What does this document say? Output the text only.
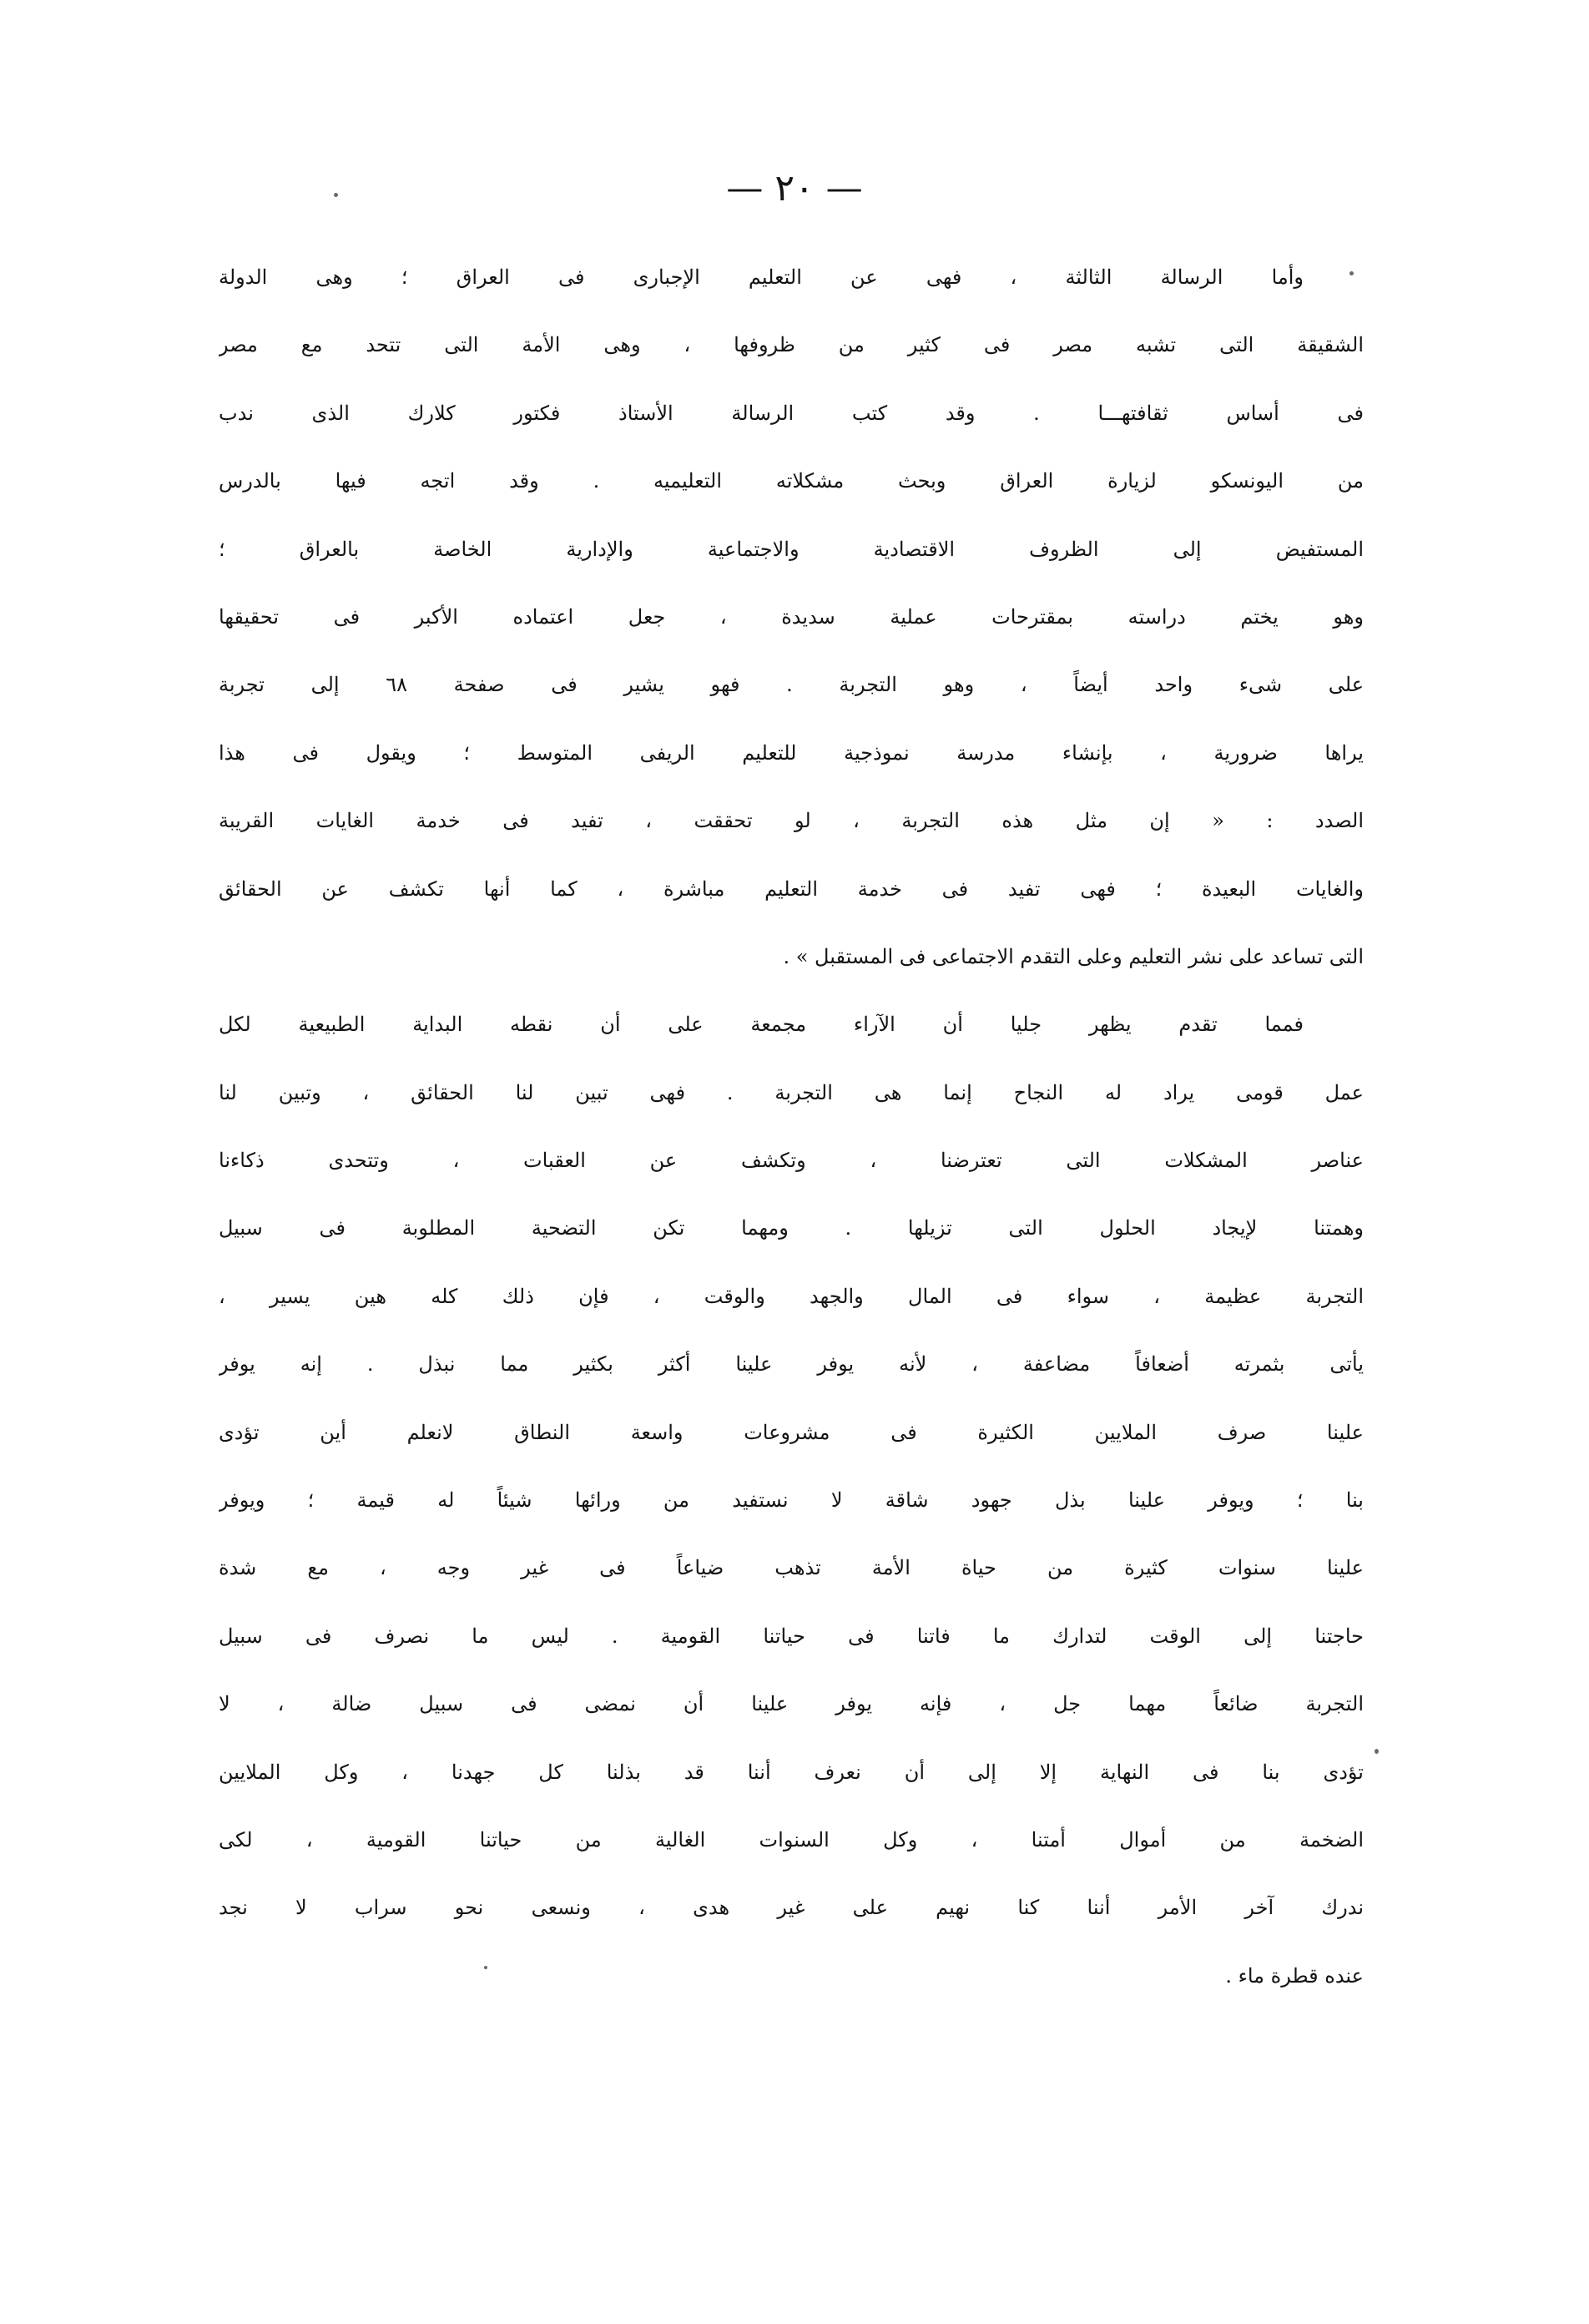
— ٢٠ —
وأما الرسالة الثالثة ، فهى عن التعليم الإجبارى فى العراق ؛ وهى الدولة
الشقيقة التى تشبه مصر فى كثير من ظروفها ، وهى الأمة التى تتحد مع مصر
فى أساس ثقافتهـــا . وقد كتب الرسالة الأستاذ فكتور كلارك الذى ندب
من اليونسكو لزيارة العراق وبحث مشكلاته التعليميه . وقد اتجه فيها بالدرس
المستفيض إلى الظروف الاقتصادية والاجتماعية والإدارية الخاصة بالعراق ؛
وهو يختم دراسته بمقترحات عملية سديدة ، جعل اعتماده الأكبر فى تحقيقها
على شىء واحد أيضاً ، وهو التجربة . فهو يشير فى صفحة ٦٨ إلى تجربة
يراها ضرورية ، بإنشاء مدرسة نموذجية للتعليم الريفى المتوسط ؛ ويقول فى هذا
الصدد : « إن مثل هذه التجربة ، لو تحققت ، تفيد فى خدمة الغايات القريبة
والغايات البعيدة ؛ فهى تفيد فى خدمة التعليم مباشرة ، كما أنها تكشف عن الحقائق
التى تساعد على نشر التعليم وعلى التقدم الاجتماعى فى المستقبل » .
فمما تقدم يظهر جليا أن الآراء مجمعة على أن نقطه البداية الطبيعية لكل
عمل قومى يراد له النجاح إنما هى التجربة . فهى تبين لنا الحقائق ، وتبين لنا
عناصر المشكلات التى تعترضنا ، وتكشف عن العقبات ، وتتحدى ذكاءنا
وهمتنا لإيجاد الحلول التى تزيلها . ومهما تكن التضحية المطلوبة فى سبيل
التجربة عظيمة ، سواء فى المال والجهد والوقت ، فإن ذلك كله هين يسير ،
يأتى بثمرته أضعافاً مضاعفة ، لأنه يوفر علينا أكثر بكثير مما نبذل . إنه يوفر
علينا صرف الملايين الكثيرة فى مشروعات واسعة النطاق لانعلم أين تؤدى
بنا ؛ ويوفر علينا بذل جهود شاقة لا نستفيد من ورائها شيئاً له قيمة ؛ ويوفر
علينا سنوات كثيرة من حياة الأمة تذهب ضياعاً فى غير وجه ، مع شدة
حاجتنا إلى الوقت لتدارك ما فاتنا فى حياتنا القومية . ليس ما نصرف فى سبيل
التجربة ضائعاً مهما جل ، فإنه يوفر علينا أن نمضى فى سبيل ضالة ، لا
تؤدى بنا فى النهاية إلا إلى أن نعرف أننا قد بذلنا كل جهدنا ، وكل الملايين
الضخمة من أموال أمتنا ، وكل السنوات الغالية من حياتنا القومية ، لكى
ندرك آخر الأمر أننا كنا نهيم على غير هدى ، ونسعى نحو سراب لا نجد
عنده قطرة ماء .
